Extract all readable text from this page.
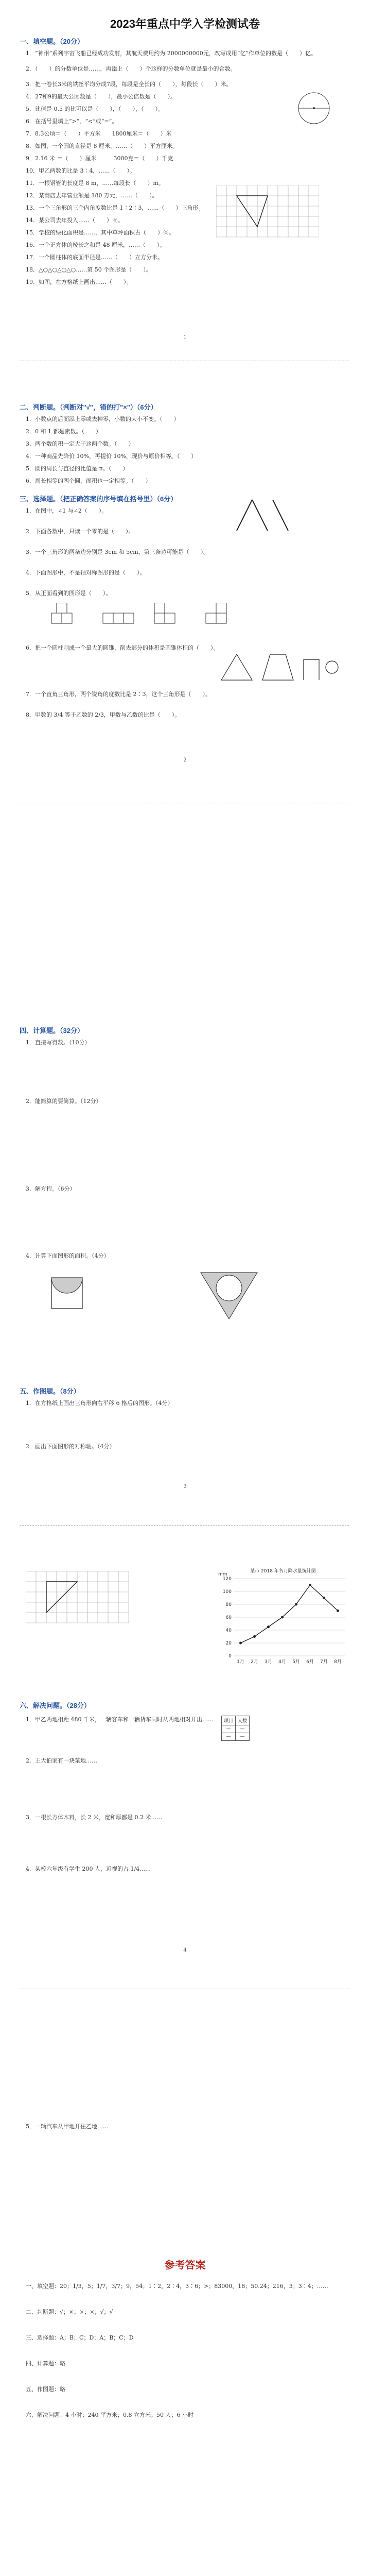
2023年重点中学入学检测试卷
一、填空题。（20分）
1．“神州”系列宇宙飞船已经成功发射，其航天费用约为 2000000000元，改写成用“亿”作单位的数是（　　）亿。
2．（　　）的分数单位是……，再添上（　　）个这样的分数单位就是最小的合数。
3．把一卷长3米的铁丝平均分成7段，每段是全长的（　　），每段长（　　）米。
4．27和9的最大公因数是（　　），最小公倍数是（　　）。
5．比值是 0.5 的比可以是（　　），（　　），（　　）。
6．在括号里填上“>”、“<”或“=”。
7．8.3公顷＝（　　）平方米　　1800厘米＝（　　）米
8．如图，一个圆的直径是 8 厘米，……（　　）平方厘米。
9．2.16 米 ＝（　　）厘米　　　3000克＝（　　）千克
10．甲乙两数的比是 3∶4，……（　　）。
11．一根钢管的长度是 8 m，……每段长（　　）m。
12．某商店去年营业额是 180 万元，……（　　）。
13．一个三角形的三个内角度数比是 1∶2∶3，……（　　）三角形。
14．某公司去年投入……（　　）％。
15．学校的绿化面积是……，其中草坪面积占（　　）％。
16．一个正方体的棱长之和是 48 厘米，……（　　）。
17．一个圆柱体的底面半径是……（　　）立方分米。
18．△○△○△○△○……第 50 个图形是（　　）。
19．如图，在方格纸上画出……（　　）。
1
二、判断题。（判断对"√"，错的打"×"）（6分）
1．小数点的后面添上零或去掉零，小数的大小不变。（　　）
2．0 和 1 都是素数。（　　）
3．两个数的积一定大于这两个数。（　　）
4．一种商品先降价 10%，再提价 10%，现价与原价相等。（　　）
5．圆的周长与直径的比值是 π。（　　）
6．周长相等的两个圆，面积也一定相等。（　　）
三、选择题。（把正确答案的序号填在括号里）（6分）
1．在图中，∠1 与∠2（　　）。
2．下面各数中，只读一个零的是（　　）。
3．一个三角形的两条边分别是 3cm 和 5cm，第三条边可能是（　　）。
4．下面图形中，不是轴对称图形的是（　　）。
5．从正面看到的图形是（　　）。
6．把一个圆柱削成一个最大的圆锥，削去部分的体积是圆锥体积的（　　）。
7．一个直角三角形，两个锐角的度数比是 2∶3，这个三角形是（　　）。
8．甲数的 3/4 等于乙数的 2/3，甲数与乙数的比是（　　）。
2
四、计算题。（32分）
1．直接写得数。（10分）
2．能简算的要简算。（12分）
3．解方程。（6分）
4．计算下面图形的面积。（4分）
五、作图题。（8分）
1．在方格纸上画出三角形向右平移 6 格后的图形。（4分）
2．画出下面图形的对称轴。（4分）
3
某市 2018 年各月降水量统计图
0
20
40
60
80
100
120
mm
1月 2月 3月 4月 5月 6月 7月 8月
六、解决问题。（28分）
1．甲乙两地相距 480 千米，一辆客车和一辆货车同时从两地相对开出……
2．王大伯家有一块菜地……
项目	人数
—	—
—	—
3．一根长方体木料，长 2 米，宽和厚都是 0.2 米……
4．某校六年级有学生 200 人，近视的占 1/4……
4
5．一辆汽车从甲地开往乙地……
参考答案
一、填空题：20；1/3，5；1/7，3/7；9，54；1∶2，2∶4，3∶6；>；83000，18；50.24；216，3；3∶4；……
二、判断题：√；×；×；×；√；√
三、选择题：A；B；C；D；A；B；C；D
四、计算题：略
五、作图题：略
六、解决问题：4 小时；240 平方米；0.8 立方米；50 人；6 小时
